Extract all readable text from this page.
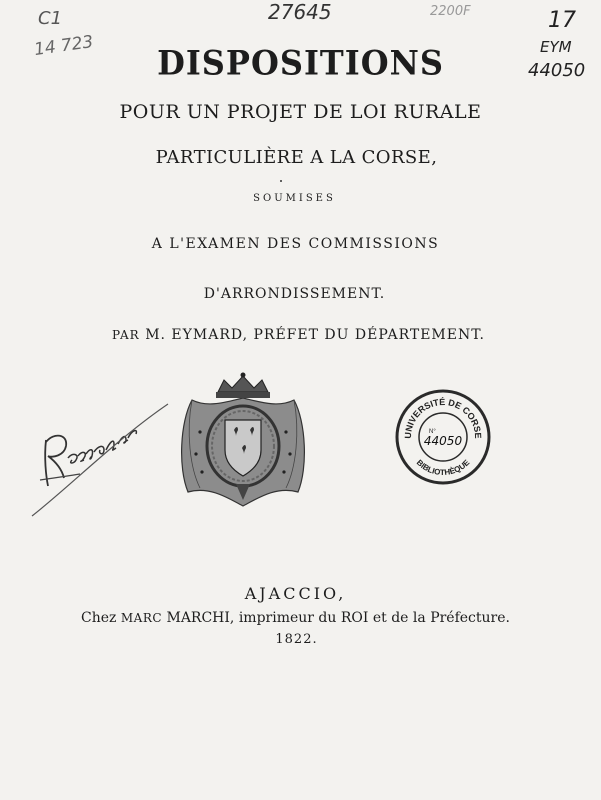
C1
14 723
27645	2200F	17
EYM
44050
DISPOSITIONS
POUR UN PROJET DE LOI RURALE
PARTICULIÈRE A LA CORSE,
SOUMISES
A L'EXAMEN DES COMMISSIONS
D'ARRONDISSEMENT.
PAR M. EYMARD, PRÉFET DU DÉPARTEMENT.
UNIVERSITÉ DE CORSE
BIBLIOTHÈQUE
N°
44050
AJACCIO,
Chez MARC MARCHI, imprimeur du ROI et de la Préfecture.
1822.
